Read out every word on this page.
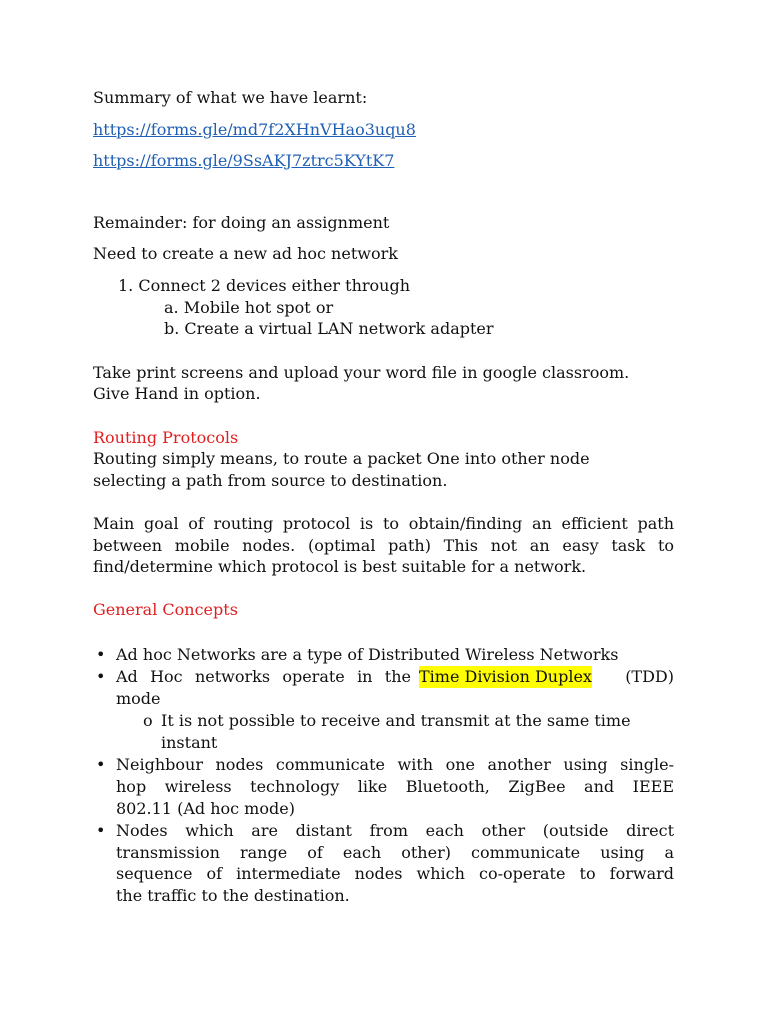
Summary of what we have learnt:

https://forms.gle/md7f2XHnVHao3uqu8

https://forms.gle/9SsAKJ7ztrc5KYtK7

Remainder: for doing an assignment

Need to create a new ad hoc network

1. Connect 2 devices either through

a. Mobile hot spot or

b. Create a virtual LAN network adapter

Take print screens and upload your word file in google classroom.

Give Hand in option.

Routing Protocols

Routing simply means, to route a packet One into other node

selecting a path from source to destination.

Main goal of routing protocol is to obtain/finding an efficient path

between mobile nodes. (optimal path) This not an easy task to

find/determine which protocol is best suitable for a network.

General Concepts

• Ad hoc Networks are a type of Distributed Wireless Networks

• Ad Hoc networks operate in the Time Division Duplex (TDD)

mode

o It is not possible to receive and transmit at the same time

instant

• Neighbour nodes communicate with one another using single-

hop wireless technology like Bluetooth, ZigBee and IEEE

802.11 (Ad hoc mode)

• Nodes which are distant from each other (outside direct

transmission range of each other) communicate using a

sequence of intermediate nodes which co-operate to forward

the traffic to the destination.
